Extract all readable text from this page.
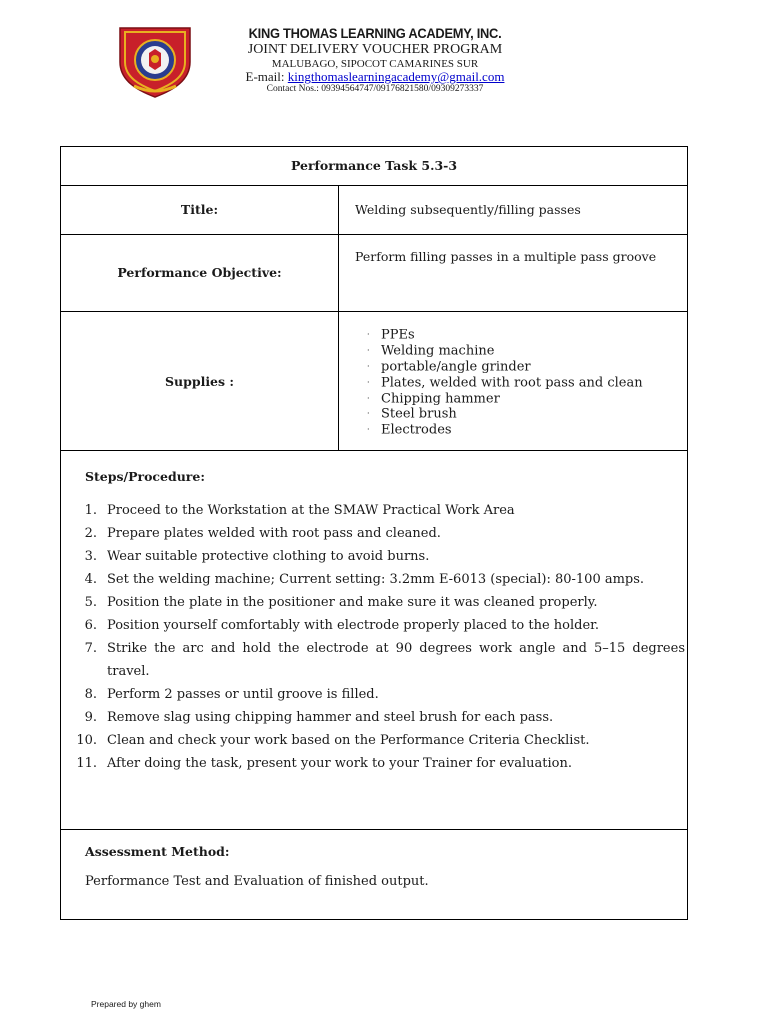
KING THOMAS LEARNING ACADEMY, INC.
JOINT DELIVERY VOUCHER PROGRAM
MALUBAGO, SIPOCOT CAMARINES SUR
E-mail: kingthomaslearningacademy@gmail.com
Contact Nos.: 09394564747/09176821580/09309273337
Performance Task 5.3-3
Title:	Welding subsequently/filling passes
Performance Objective:
Perform filling passes in a multiple pass groove
Supplies :
· PPEs
· Welding machine
· portable/angle grinder
· Plates, welded with root pass and clean
· Chipping hammer
· Steel brush
· Electrodes
Steps/Procedure:
1. Proceed to the Workstation at the SMAW Practical Work Area
2. Prepare plates welded with root pass and cleaned.
3. Wear suitable protective clothing to avoid burns.
4. Set the welding machine; Current setting: 3.2mm E-6013 (special): 80-100 amps.
5. Position the plate in the positioner and make sure it was cleaned properly.
6. Position yourself comfortably with electrode properly placed to the holder.
7. Strike the arc and hold the electrode at 90 degrees work angle and 5–15 degrees travel.
8. Perform 2 passes or until groove is filled.
9. Remove slag using chipping hammer and steel brush for each pass.
10. Clean and check your work based on the Performance Criteria Checklist.
11. After doing the task, present your work to your Trainer for evaluation.
Assessment Method:
Performance Test and Evaluation of finished output.
Prepared by ghem
